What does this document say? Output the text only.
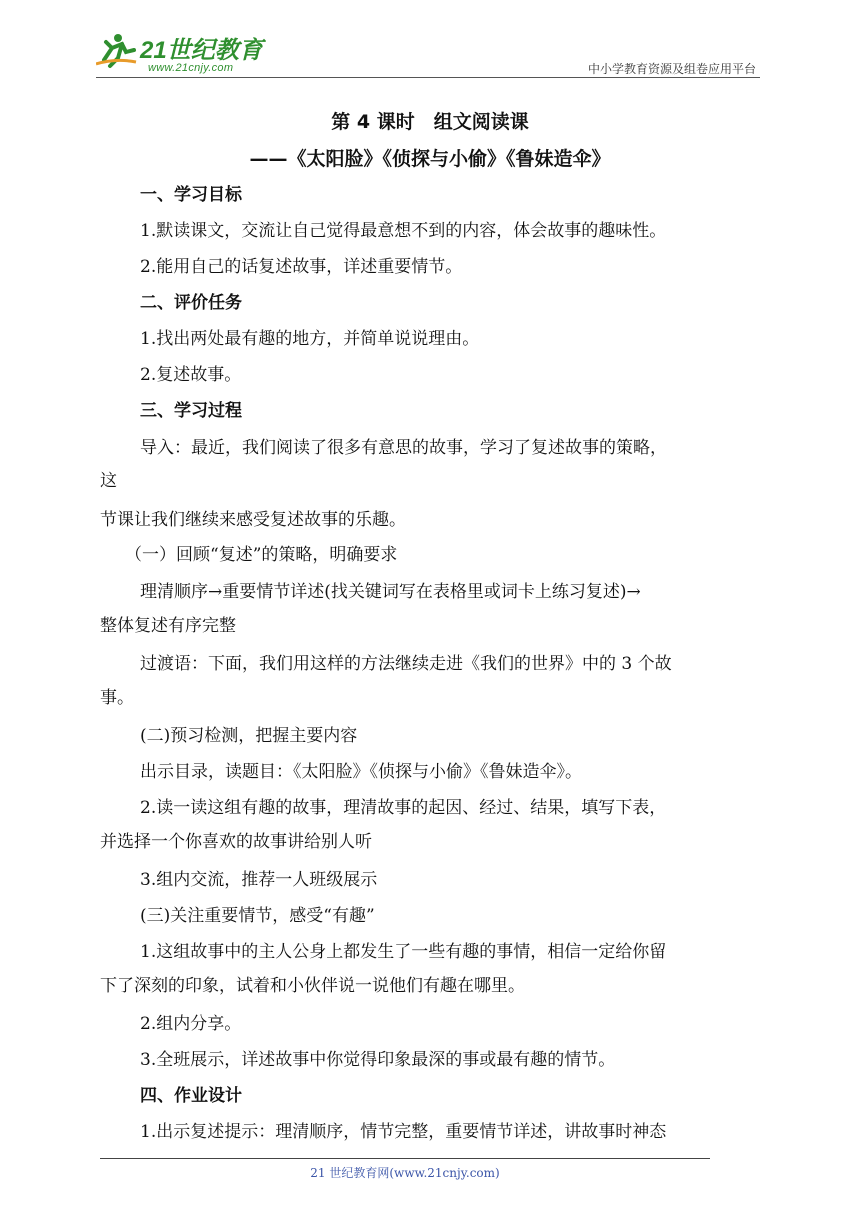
21世纪教育
www.21cnjy.com	中小学教育资源及组卷应用平台
第 4 课时　组文阅读课
——《太阳脸》《侦探与小偷》《鲁妹造伞》
一、学习目标
1.默读课文，交流让自己觉得最意想不到的内容，体会故事的趣味性。
2.能用自己的话复述故事，详述重要情节。
二、评价任务
1.找出两处最有趣的地方，并简单说说理由。
2.复述故事。
三、学习过程
导入：最近，我们阅读了很多有意思的故事，学习了复述故事的策略，
这
节课让我们继续来感受复述故事的乐趣。
（一）回顾“复述”的策略，明确要求
理清顺序→重要情节详述(找关键词写在表格里或词卡上练习复述)→
整体复述有序完整
过渡语：下面，我们用这样的方法继续走进《我们的世界》中的 3 个故
事。
(二)预习检测，把握主要内容
出示目录，读题目：《太阳脸》《侦探与小偷》《鲁妹造伞》。
2.读一读这组有趣的故事，理清故事的起因、经过、结果，填写下表，
并选择一个你喜欢的故事讲给别人听
3.组内交流，推荐一人班级展示
(三)关注重要情节，感受“有趣”
1.这组故事中的主人公身上都发生了一些有趣的事情，相信一定给你留
下了深刻的印象，试着和小伙伴说一说他们有趣在哪里。
2.组内分享。
3.全班展示，详述故事中你觉得印象最深的事或最有趣的情节。
四、作业设计
1.出示复述提示：理清顺序，情节完整，重要情节详述，讲故事时神态
21 世纪教育网(www.21cnjy.com)
